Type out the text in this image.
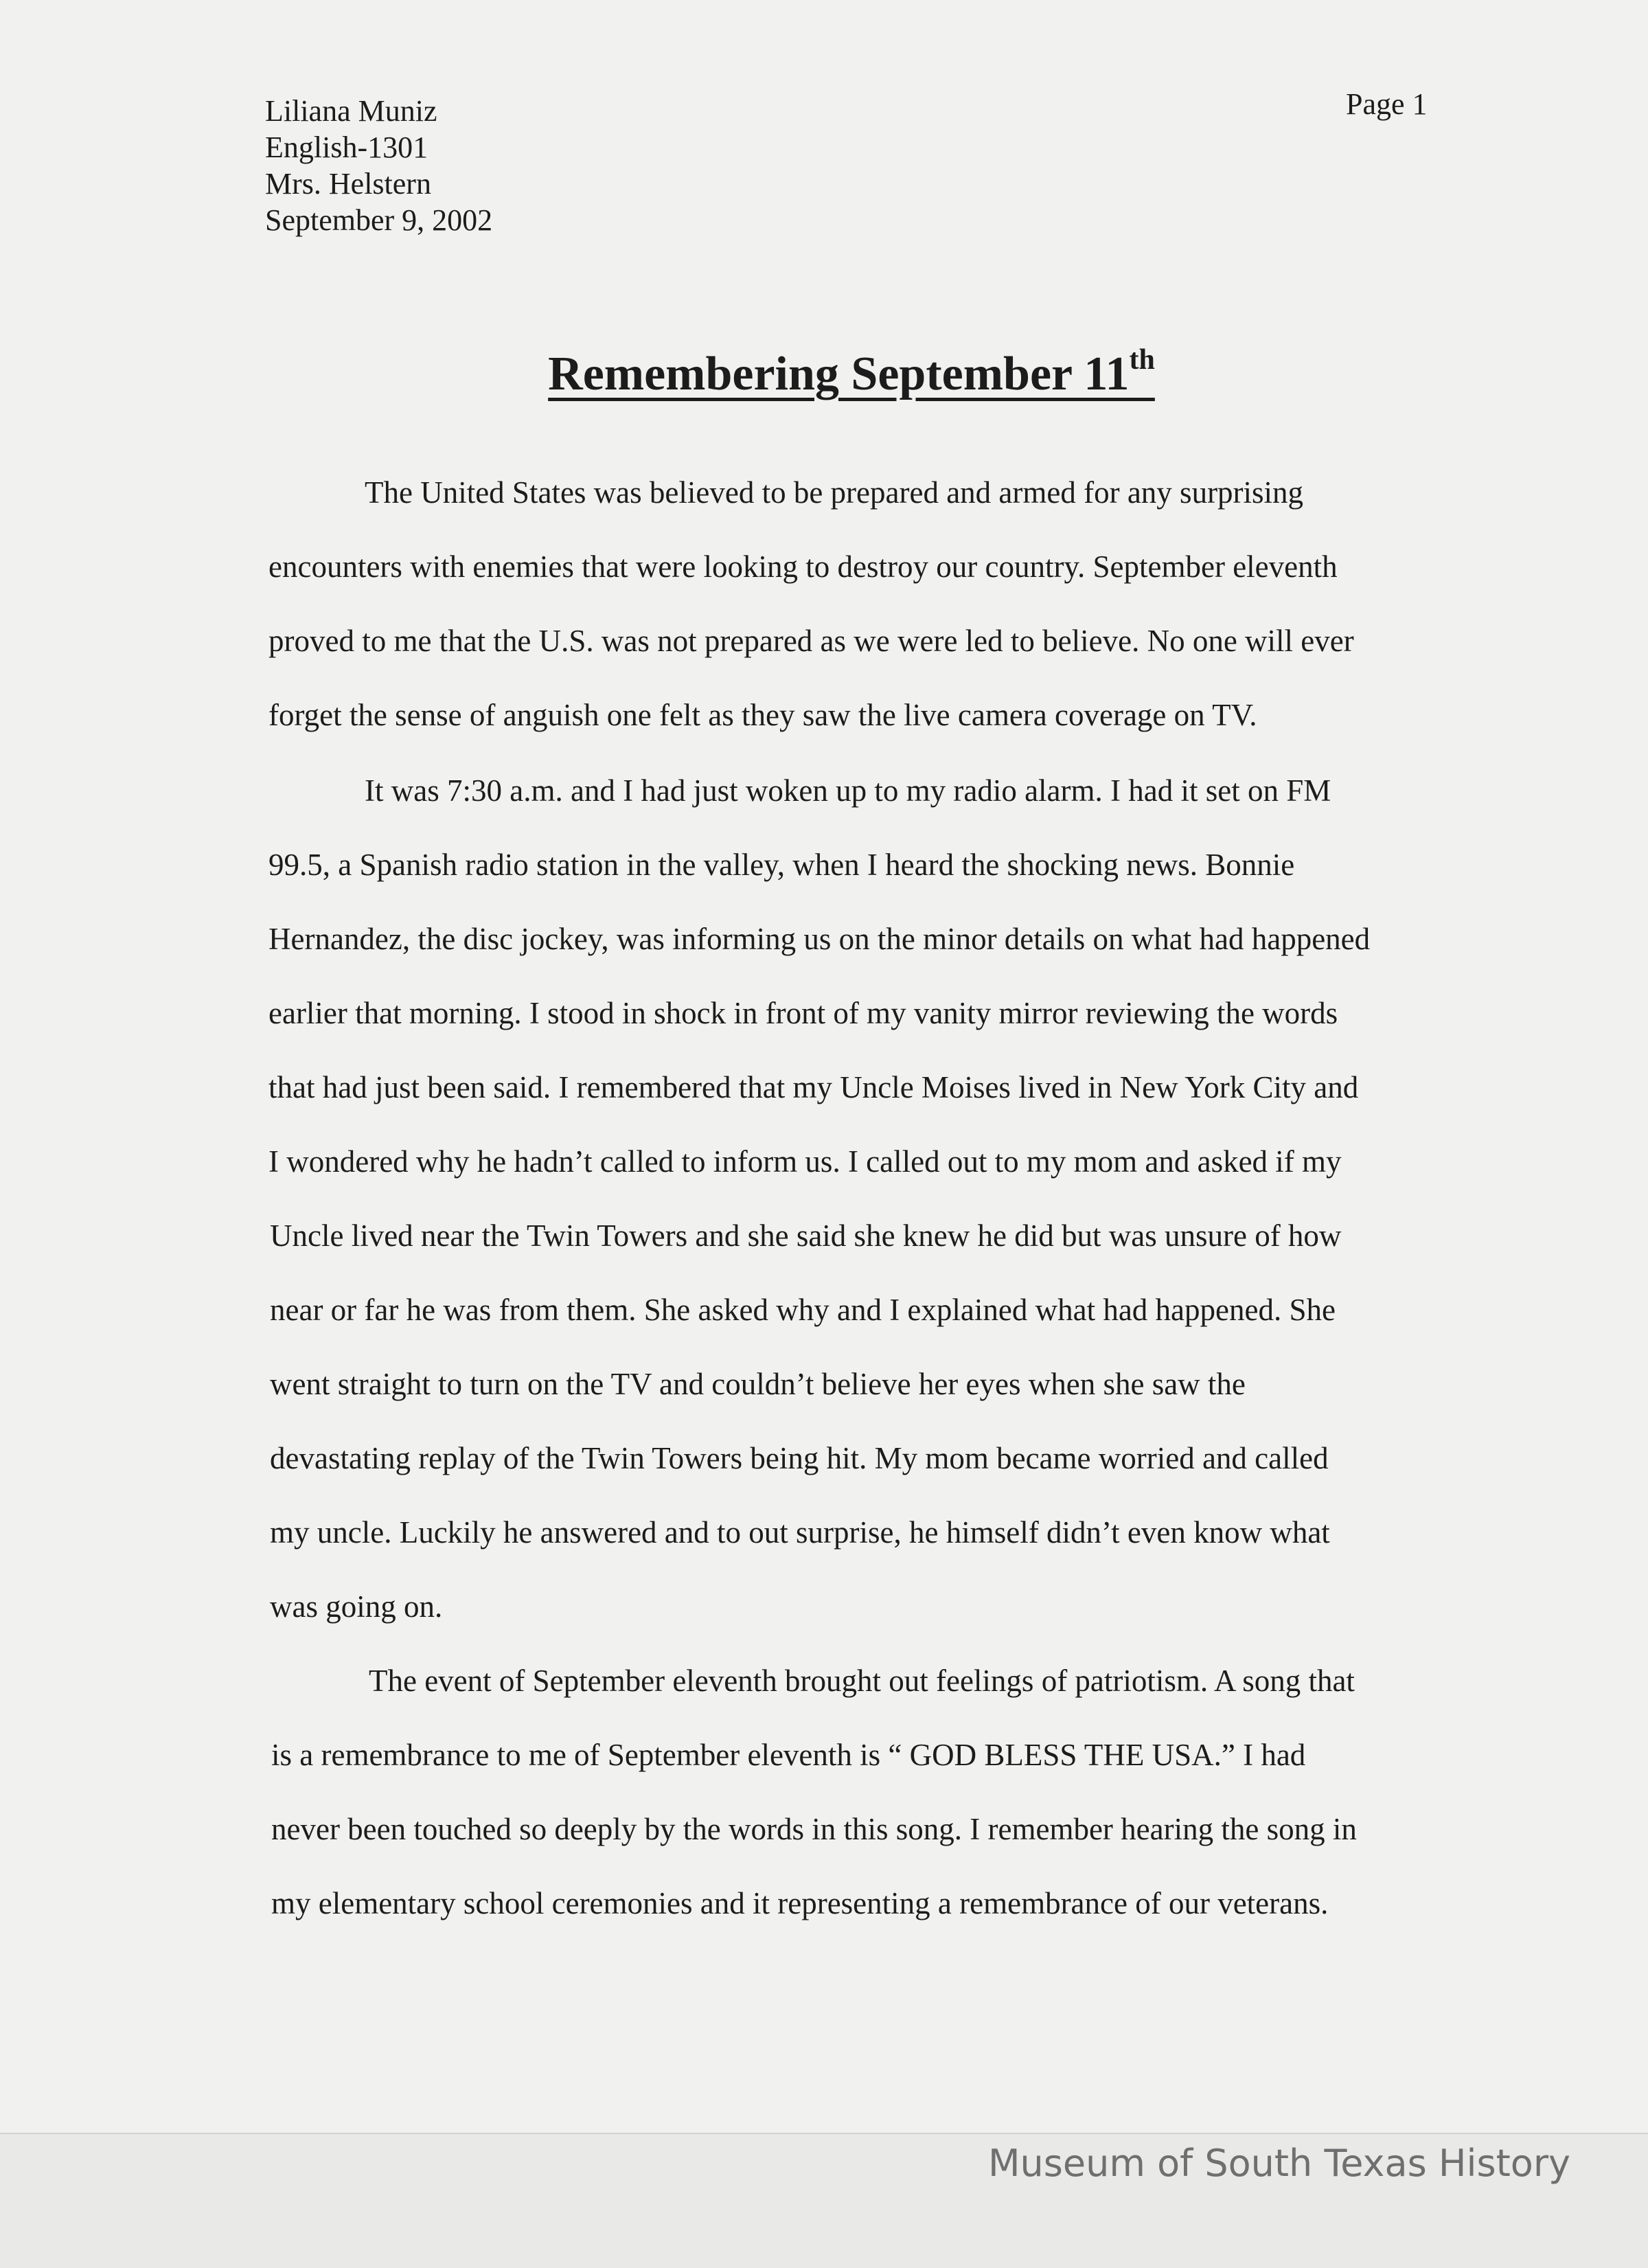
Liliana Muniz
English-1301
Mrs. Helstern
September 9, 2002
Page 1
Remembering September 11th
The United States was believed to be prepared and armed for any surprising
encounters with enemies that were looking to destroy our country. September eleventh
proved to me that the U.S. was not prepared as we were led to believe. No one will ever
forget the sense of anguish one felt as they saw the live camera coverage on TV.
It was 7:30 a.m. and I had just woken up to my radio alarm. I had it set on FM
99.5, a Spanish radio station in the valley, when I heard the shocking news. Bonnie
Hernandez, the disc jockey, was informing us on the minor details on what had happened
earlier that morning. I stood in shock in front of my vanity mirror reviewing the words
that had just been said. I remembered that my Uncle Moises lived in New York City and
I wondered why he hadn’t called to inform us. I called out to my mom and asked if my
Uncle lived near the Twin Towers and she said she knew he did but was unsure of how
near or far he was from them. She asked why and I explained what had happened. She
went straight to turn on the TV and couldn’t believe her eyes when she saw the
devastating replay of the Twin Towers being hit. My mom became worried and called
my uncle. Luckily he answered and to out surprise, he himself didn’t even know what
was going on.
The event of September eleventh brought out feelings of patriotism. A song that
is a remembrance to me of September eleventh is “ GOD BLESS THE USA.” I had
never been touched so deeply by the words in this song. I remember hearing the song in
my elementary school ceremonies and it representing a remembrance of our veterans.
Museum of South Texas History
